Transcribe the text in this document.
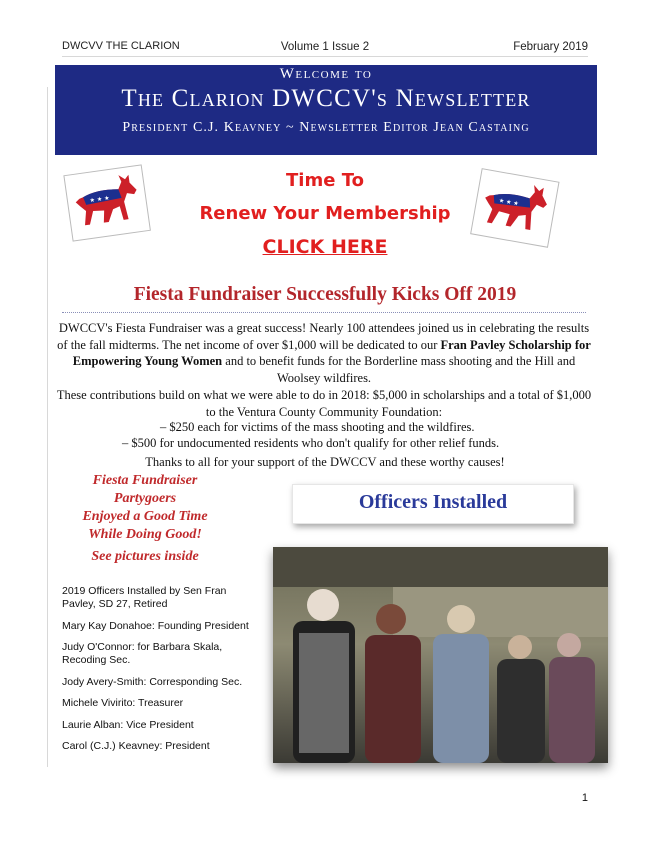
DWCVV THE CLARION	Volume 1 Issue 2	February 2019
Welcome to
The Clarion DWCCV's Newsletter
President C.J. Keavney ~ Newsletter Editor Jean Castaing
★ ★ ★	★ ★ ★
Time To
Renew Your Membership
CLICK HERE
Fiesta Fundraiser Successfully Kicks Off 2019
DWCCV's Fiesta Fundraiser was a great success! Nearly 100 attendees joined us in celebrating the results of the fall midterms. The net income of over $1,000 will be dedicated to our Fran Pavley Scholarship for Empowering Young Women and to benefit funds for the Borderline mass shooting and the Hill and Woolsey wildfires.
These contributions build on what we were able to do in 2018: $5,000 in scholarships and a total of $1,000 to the Ventura County Community Foundation:
– $250 each for victims of the mass shooting and the wildfires.
– $500 for undocumented residents who don't qualify for other relief funds.
Thanks to all for your support of the DWCCV and these worthy causes!
Fiesta Fundraiser
Partygoers
Enjoyed a Good Time
While Doing Good!
See pictures inside
2019 Officers Installed by Sen Fran Pavley, SD 27, Retired
Mary Kay Donahoe: Founding President
Judy O'Connor: for Barbara Skala, Recoding Sec.
Jody Avery-Smith: Corresponding Sec.
Michele Vivirito: Treasurer
Laurie Alban: Vice President
Carol (C.J.) Keavney: President
Officers Installed
1
